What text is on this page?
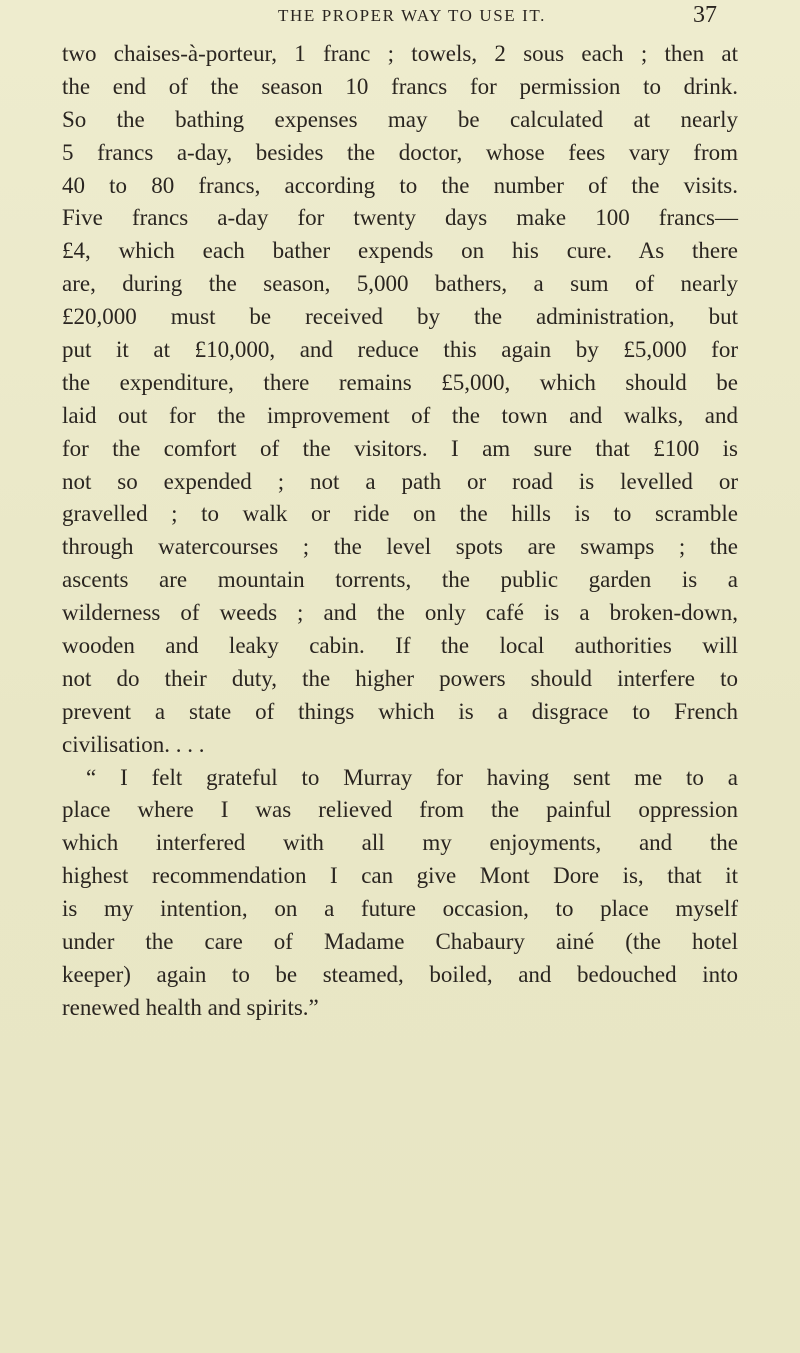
THE PROPER WAY TO USE IT.	37
two chaises-à-porteur, 1 franc ; towels, 2 sous each ; then at
the end of the season 10 francs for permission to drink.
So the bathing expenses may be calculated at nearly
5 francs a-day, besides the doctor, whose fees vary from
40 to 80 francs, according to the number of the visits.
Five francs a-day for twenty days make 100 francs—
£4, which each bather expends on his cure. As there
are, during the season, 5,000 bathers, a sum of nearly
£20,000 must be received by the administration, but
put it at £10,000, and reduce this again by £5,000 for
the expenditure, there remains £5,000, which should be
laid out for the improvement of the town and walks, and
for the comfort of the visitors. I am sure that £100 is
not so expended ; not a path or road is levelled or
gravelled ; to walk or ride on the hills is to scramble
through watercourses ; the level spots are swamps ; the
ascents are mountain torrents, the public garden is a
wilderness of weeds ; and the only café is a broken-down,
wooden and leaky cabin. If the local authorities will
not do their duty, the higher powers should interfere to
prevent a state of things which is a disgrace to French
civilisation. . . .
“ I felt grateful to Murray for having sent me to a
place where I was relieved from the painful oppression
which interfered with all my enjoyments, and the
highest recommendation I can give Mont Dore is, that it
is my intention, on a future occasion, to place myself
under the care of Madame Chabaury ainé (the hotel
keeper) again to be steamed, boiled, and bedouched into
renewed health and spirits.”
